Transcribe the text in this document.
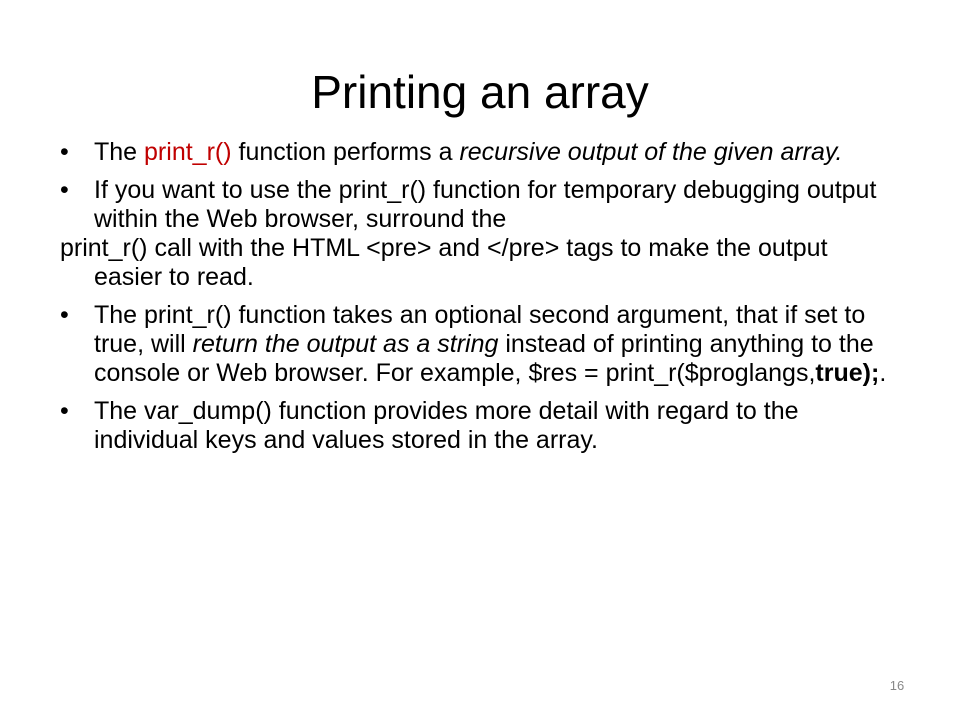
Printing an array
•	The print_r() function performs a recursive output of the given array.
•	If you want to use the print_r() function for temporary debugging output within the Web browser, surround the
print_r() call with the HTML <pre> and </pre> tags to make the output easier to read.
•	The print_r() function takes an optional second argument, that if set to true, will return the output as a string instead of printing anything to the console or Web browser. For example, $res = print_r($proglangs,true);.
•	The var_dump() function provides more detail with regard to the individual keys and values stored in the array.
16
